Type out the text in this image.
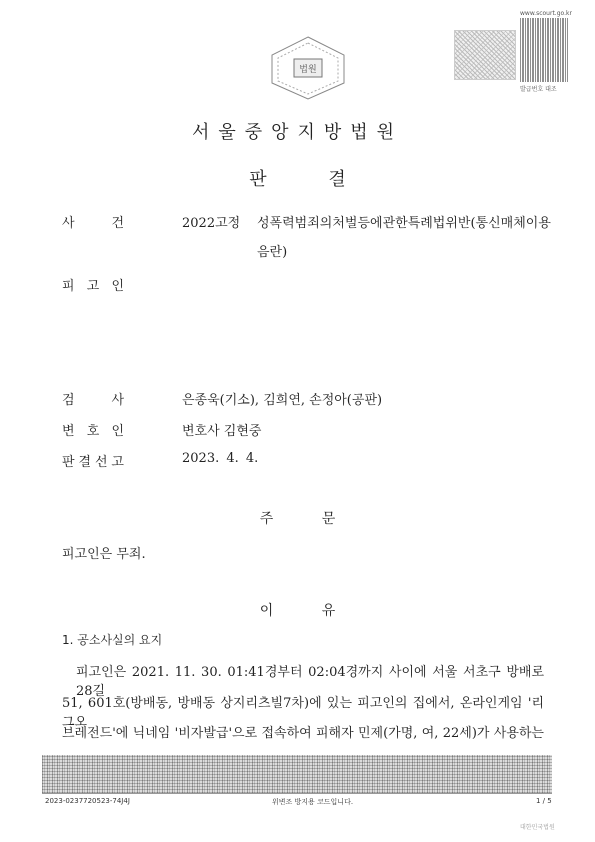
법원
www.scourt.go.kr
발급번호 대조
서울중앙지방법원
판 결
사	건	2022고정 성폭력범죄의처벌등에관한특례법위반(통신매체이용
음란)
피 고 인
검	사	은종욱(기소), 김희연, 손정아(공판)
변 호 인	변호사 김현중
판 결 선 고	2023. 4. 4.
주 문
피고인은 무죄.
이 유
1. 공소사실의 요지
피고인은 2021. 11. 30. 01:41경부터 02:04경까지 사이에 서울 서초구 방배로28길
51, 601호(방배동, 방배동 상지리츠빌7차)에 있는 피고인의 집에서, 온라인게임 '리그오
브레전드'에 닉네임 '비자발급'으로 접속하여 피해자 민제(가명, 여, 22세)가 사용하는
2023-0237720523-74J4J	위변조 방지용 코드입니다.	1 / 5
대한민국법원
